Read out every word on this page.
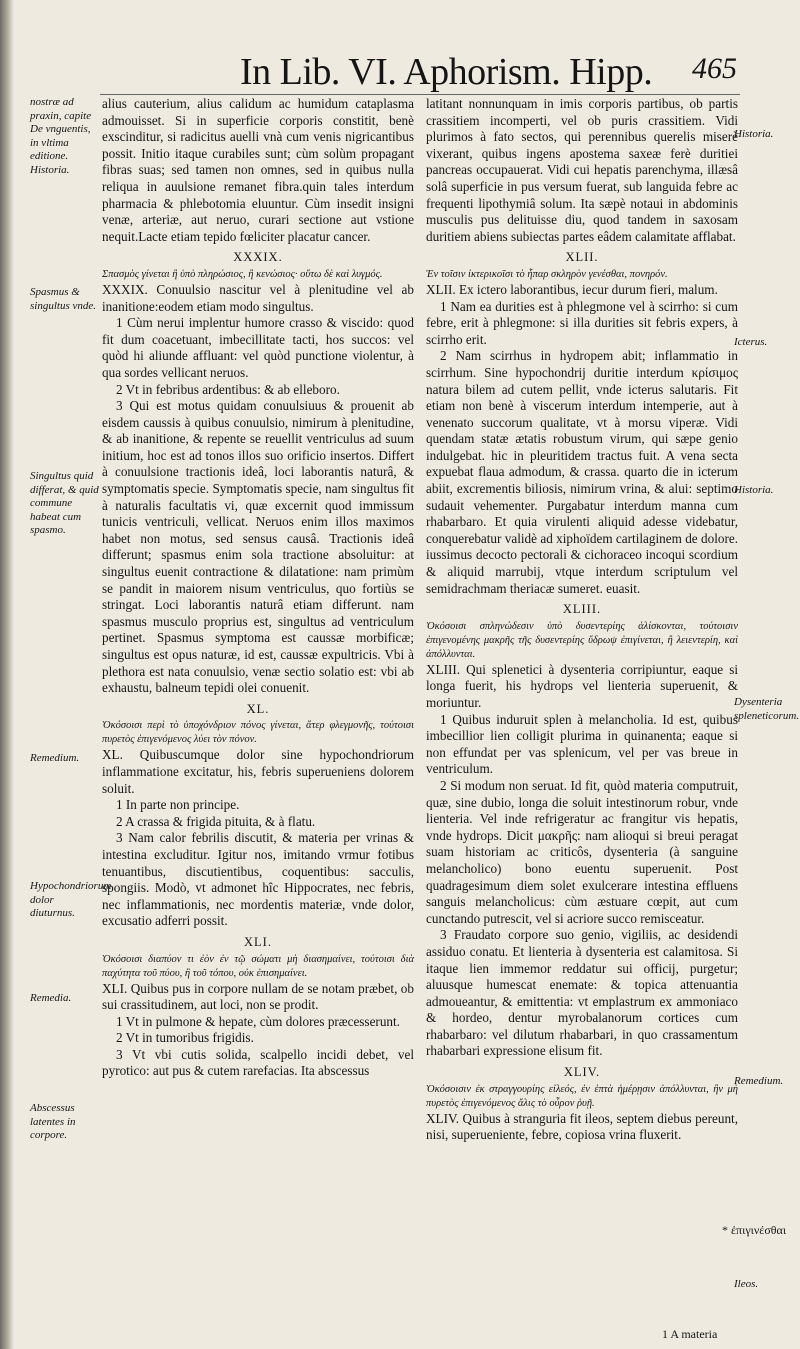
In Lib. VI. Aphorism. Hipp. 465

alius cauterium, alius calidum ac humidum cataplasma admouisset. Si in superficie corporis constitit, benè exscinditur, si radicitus auelli vnà cum venis nigricantibus possit. Initio itaque curabiles sunt; cùm solùm propagant fibras suas; sed tamen non omnes, sed in quibus nulla reliqua in auulsione remanet fibra.quin tales interdum pharmacia & phlebotomia eluuntur. Cùm insedit insigni venæ, arteriæ, aut neruo, curari sectione aut vstione nequit.Lacte etiam tepido fœliciter placatur cancer.

XXXIX.

Σπασμὸς γίνεται ἢ ὑπὸ πληρώσιος, ἢ κενώσιος· οὕτω δὲ καὶ λυγμός.

XXXIX. Conuulsio nascitur vel à plenitudine vel ab inanitione:eodem etiam modo singultus.

1 Cùm nerui implentur humore crasso & viscido: quod fit dum coacetuant, imbecillitate tacti, hos succos: vel quòd hi aliunde affluant: vel quòd punctione violentur, à qua sordes vellicant neruos.

2 Vt in febribus ardentibus: & ab elleboro.

3 Qui est motus quidam conuulsiuus & prouenit ab eisdem caussis à quibus conuulsio, nimirum à plenitudine, & ab inanitione, & repente se reuellit ventriculus ad suum initium, hoc est ad tonos illos suo orificio insertos. Differt à conuulsione tractionis ideâ, loci laborantis naturâ, & symptomatis specie. Symptomatis specie, nam singultus fit à naturalis facultatis vi, quæ excernit quod immissum tunicis ventriculi, vellicat. Neruos enim illos maximos habet non motus, sed sensus causâ. Tractionis ideâ differunt; spasmus enim sola tractione absoluitur: at singultus euenit contractione & dilatatione: nam primùm se pandit in maiorem nisum ventriculus, quo fortiùs se stringat. Loci laborantis naturâ etiam differunt. nam spasmus musculo proprius est, singultus ad ventriculum pertinet. Spasmus symptoma est caussæ morbificæ; singultus est opus naturæ, id est, caussæ expultricis. Vbi à plethora est nata conuulsio, venæ sectio solatio est: vbi ab exhaustu, balneum tepidi olei conuenit.

XL.

Ὁκόσοισι περὶ τὸ ὑποχόνδριον πόνος γίνεται, ἄτερ φλεγμονῆς, τούτοισι πυρετὸς ἐπιγενόμενος λύει τὸν πόνον.

XL. Quibuscumque dolor sine hypochondriorum inflammatione excitatur, his, febris superueniens dolorem soluit.

1 In parte non principe.

2 A crassa & frigida pituita, & à flatu.

3 Nam calor febrilis discutit, & materia per vrinas & intestina excluditur. Igitur nos, imitando vrmur fotibus tenuantibus, discutientibus, coquentibus: sacculis, spongiis. Modò, vt admonet hîc Hippocrates, nec febris, nec inflammationis, nec mordentis materiæ, vnde dolor, excusatio adferri possit.

XLI.

Ὁκόσοισι διαπύον τι ἐὸν ἐν τῷ σώματι μὴ διασημαίνει, τούτοισι διὰ παχύτητα τοῦ πύου, ἢ τοῦ τόπου, οὐκ ἐπισημαίνει.

XLI. Quibus pus in corpore nullam de se notam præbet, ob sui crassitudinem, aut loci, non se prodit.

1 Vt in pulmone & hepate, cùm dolores præcesserunt.

2 Vt in tumoribus frigidis.

3 Vt vbi cutis solida, scalpello incidi debet, vel pyrotico: aut pus & cutem rarefacias. Ita abscessus

latitant nonnunquam in imis corporis partibus, ob partis crassitiem incomperti, vel ob puris crassitiem. Vidi plurimos à fato sectos, qui perennibus querelis miserè vixerant, quibus ingens apostema saxeæ ferè duritiei pancreas occupauerat. Vidi cui hepatis parenchyma, illæsâ solâ superficie in pus versum fuerat, sub languida febre ac frequenti lipothymiâ solum. Ita sæpè notaui in abdominis musculis pus delituisse diu, quod tandem in saxosam duritiem abiens subiectas partes eâdem calamitate afflabat.

XLII.

Ἐν τοῖσιν ἰκτερικοῖσι τὸ ἧπαρ σκληρὸν γενέσθαι, πονηρόν.

XLII. Ex ictero laborantibus, iecur durum fieri, malum.

1 Nam ea durities est à phlegmone vel à scirrho: si cum febre, erit à phlegmone: si illa durities sit febris expers, à scirrho erit.

2 Nam scirrhus in hydropem abit; inflammatio in scirrhum. Sine hypochondrij duritie interdum κρίσιμος natura bilem ad cutem pellit, vnde icterus salutaris. Fit etiam non benè à viscerum interdum intemperie, aut à venenato succorum qualitate, vt à morsu viperæ. Vidi quendam statæ ætatis robustum virum, qui sæpe genio indulgebat. hic in pleuritidem tractus fuit. A vena secta expuebat flaua admodum, & crassa. quarto die in icterum abiit, excrementis biliosis, nimirum vrina, & alui: septimo sudauit vehementer. Purgabatur interdum manna cum rhabarbaro. Et quia virulenti aliquid adesse videbatur, conquerebatur validè ad xiphoïdem cartilaginem de dolore. iussimus decocto pectorali & cichoraceo incoqui scordium & aliquid marrubij, vtque interdum scriptulum vel semidrachmam theriacæ sumeret. euasit.

XLIII.

Ὁκόσοισι σπληνώδεσιν ὑπὸ δυσεντερίης ἁλίσκονται, τούτοισιν ἐπιγενομένης μακρῆς τῆς δυσεντερίης ὕδρωψ ἐπιγίνεται, ἢ λειεντερίη, καὶ ἀπόλλυνται.

XLIII. Qui splenetici à dysenteria corripiuntur, eaque si longa fuerit, his hydrops vel lienteria superuenit, & moriuntur.

1 Quibus induruit splen à melancholia. Id est, quibus imbecillior lien colligit plurima in quinanenta; eaque si non effundat per vas splenicum, vel per vas breue in ventriculum.

2 Si modum non seruat. Id fit, quòd materia computruit, quæ, sine dubio, longa die soluit intestinorum robur, vnde lienteria. Vel inde refrigeratur ac frangitur vis hepatis, vnde hydrops. Dicit μακρῆς: nam alioqui si breui peragat suam historiam ac criticôs, dysenteria (à sanguine melancholico) bono euentu superuenit. Post quadragesimum diem solet exulcerare intestina effluens sanguis melancholicus: cùm æstuare cœpit, aut cum cunctando putrescit, vel si acriore succo remisceatur.

3 Fraudato corpore suo genio, vigiliis, ac desidendi assiduo conatu. Et lienteria à dysenteria est calamitosa. Si itaque lien immemor reddatur sui officij, purgetur; aluusque humescat enemate: & topica attenuantia admoueantur, & emittentia: vt emplastrum ex ammoniaco & hordeo, dentur myrobalanorum cortices cum rhabarbaro: vel dilutum rhabarbari, in quo crassamentum rhabarbari expressione elisum fit.

XLIV.

Ὁκόσοισιν ἐκ στραγγουρίης εἰλεός, ἐν ἑπτὰ ἡμέρῃσιν ἀπόλλυνται, ἢν μὴ πυρετὸς ἐπιγενόμενος ἄλις τὸ οὖρον ῥυῇ.

XLIV. Quibus à stranguria fit ileos, septem diebus pereunt, nisi, superueniente, febre, copiosa vrina fluxerit.

nostræ ad praxin, capite De vnguentis, in vltima editione.
Historia.
Spasmus & singultus vnde.
Singultus quid differat, & quid commune habeat cum spasmo.
Remedium.
Hypochondriorum dolor diuturnus.
Remedia.
Abscessus latentes in corpore.
Historia.
Icterus.
Historia.
Dysenteria spleneticorum.
Remedium.
Ileos.
* ἐπιγινέσθαι
1 A materia
